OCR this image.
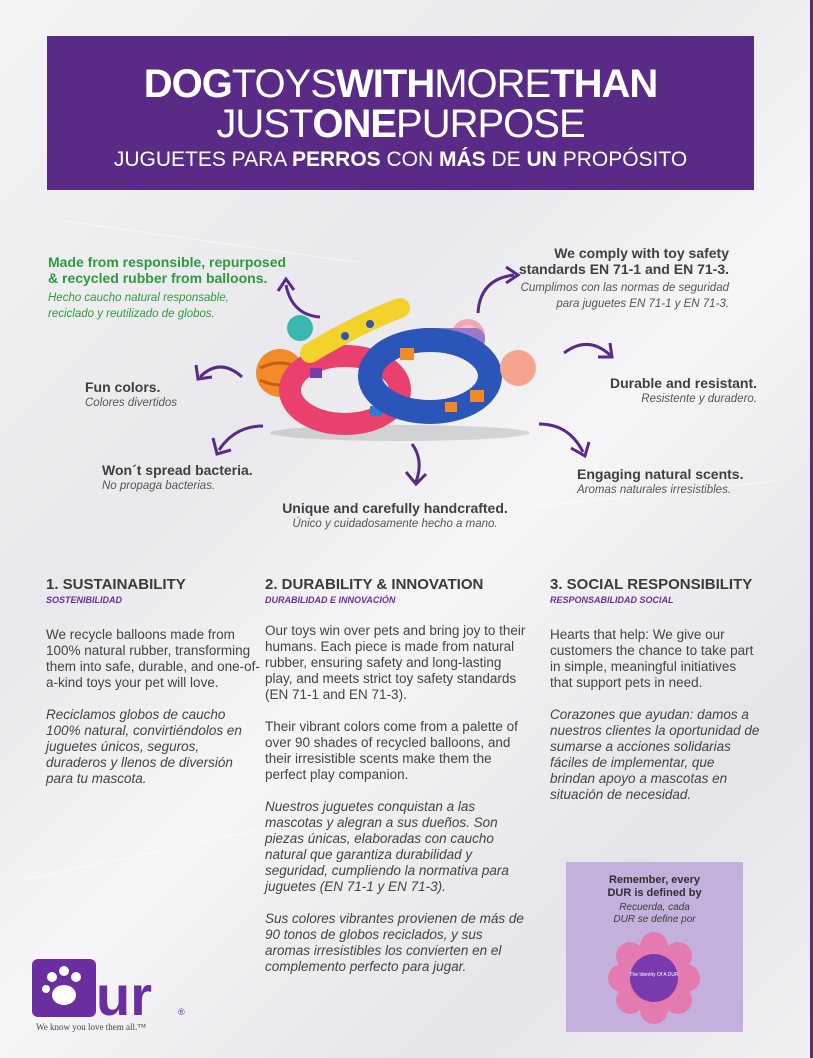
DOGTOYSWITHMORETHAN
JUSTONEPURPOSE
JUGUETES PARA PERROS CON MÁS DE UN PROPÓSITO
Made from responsible, repurposed
& recycled rubber from balloons.
Hecho caucho natural responsable,
reciclado y reutilizado de globos.
We comply with toy safety
standards EN 71-1 and EN 71-3.
Cumplimos con las normas de seguridad
para juguetes EN 71-1 y EN 71-3.
Fun colors.
Colores divertidos
Durable and resistant.
Resistente y duradero.
Won´t spread bacteria.
No propaga bacterias.
Engaging natural scents.
Aromas naturales irresistibles.
Unique and carefully handcrafted.
Único y cuidadosamente hecho a mano.
1. SUSTAINABILITY
SOSTENIBILIDAD

We recycle balloons made from 100% natural rubber, transforming them into safe, durable, and one-of-a-kind toys your pet will love.

Reciclamos globos de caucho 100% natural, convirtiéndolos en juguetes únicos, seguros, duraderos y llenos de diversión para tu mascota.

2. DURABILITY & INNOVATION
DURABILIDAD E INNOVACIÓN

Our toys win over pets and bring joy to their humans. Each piece is made from natural rubber, ensuring safety and long-lasting play, and meets strict toy safety standards (EN 71-1 and EN 71-3).

Their vibrant colors come from a palette of over 90 shades of recycled balloons, and their irresistible scents make them the perfect play companion.

Nuestros juguetes conquistan a las mascotas y alegran a sus dueños. Son piezas únicas, elaboradas con caucho natural que garantiza durabilidad y seguridad, cumpliendo la normativa para juguetes (EN 71-1 y EN 71-3).

Sus colores vibrantes provienen de más de 90 tonos de globos reciclados, y sus aromas irresistibles los convierten en el complemento perfecto para jugar.

3. SOCIAL RESPONSIBILITY
RESPONSABILIDAD SOCIAL

Hearts that help: We give our customers the chance to take part in simple, meaningful initiatives that support pets in need.

Corazones que ayudan: damos a nuestros clientes la oportunidad de sumarse a acciones solidarias fáciles de implementar, que brindan apoyo a mascotas en situación de necesidad.

Remember, every
DUR is defined by
Recuerda, cada
DUR se define por
The Identity Of A DUR
ur	®
We know you love them all.™
